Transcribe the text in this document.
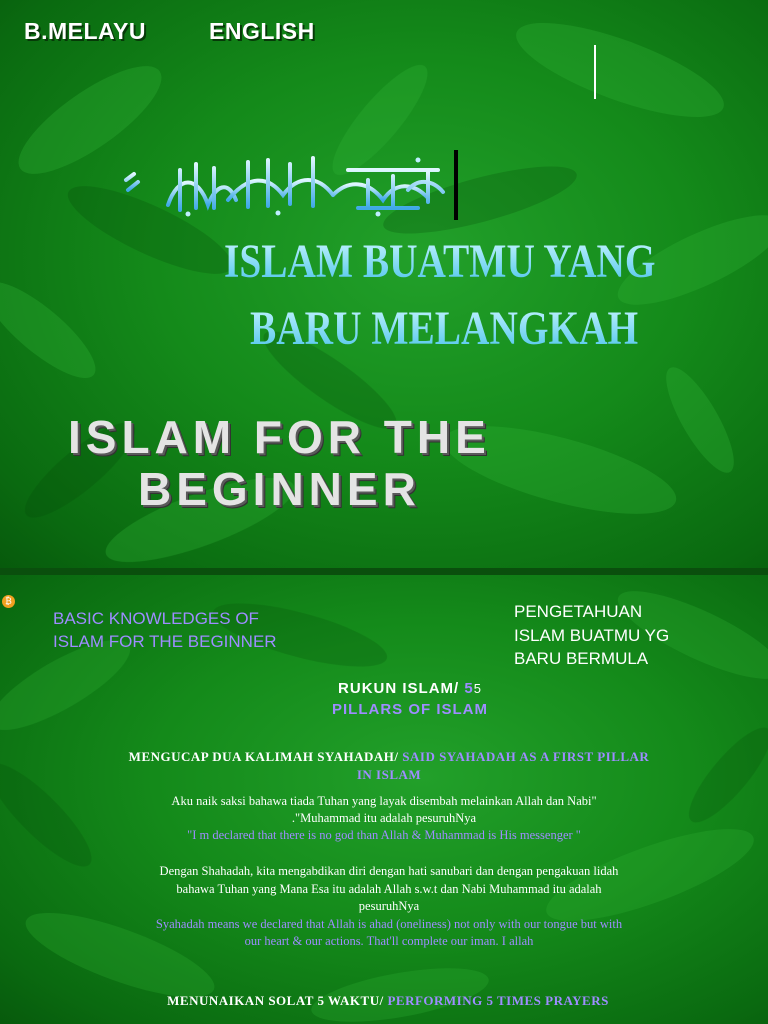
B.MELAYU	ENGLISH
ISLAM BUATMU YANG
BARU MELANGKAH
ISLAM FOR THE
BEGINNER
₿
BASIC KNOWLEDGES OF
ISLAM FOR THE BEGINNER
PENGETAHUAN
ISLAM BUATMU YG
BARU BERMULA
RUKUN ISLAM/ 55
PILLARS OF ISLAM
MENGUCAP DUA KALIMAH SYAHADAH/ SAID SYAHADAH AS A FIRST PILLAR
IN ISLAM
Aku naik saksi bahawa tiada Tuhan yang layak disembah melainkan Allah dan Nabi"
."Muhammad itu adalah pesuruhNya
"I m declared that there is no god than Allah & Muhammad is His messenger "
Dengan Shahadah, kita mengabdikan diri dengan hati sanubari dan dengan pengakuan lidah
bahawa Tuhan yang Mana Esa itu adalah Allah s.w.t dan Nabi Muhammad itu adalah
pesuruhNya
Syahadah means we declared that Allah is ahad (oneliness) not only with our tongue but with
our heart & our actions. That'll complete our iman. I allah
MENUNAIKAN SOLAT 5 WAKTU/ PERFORMING 5 TIMES PRAYERS
